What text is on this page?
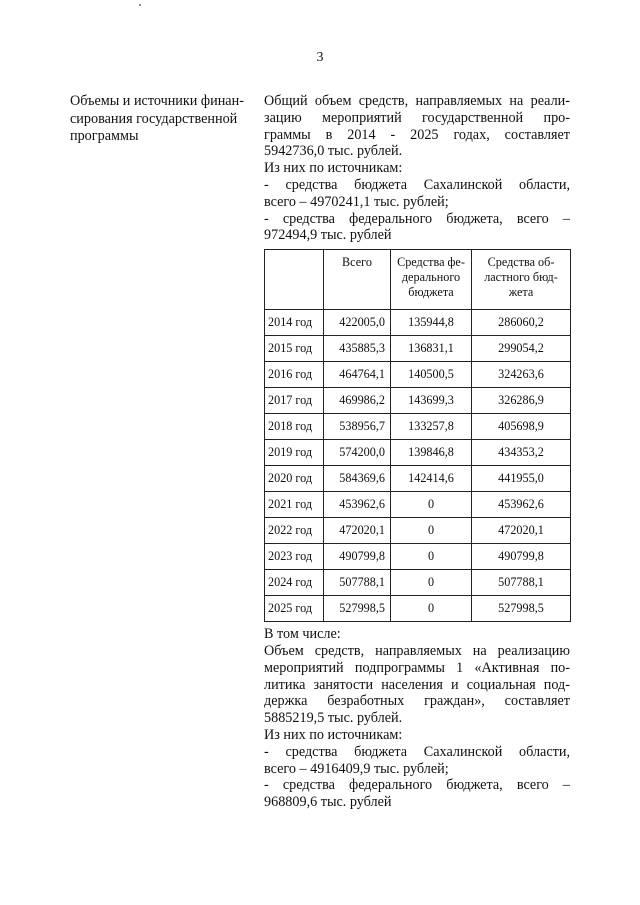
3
Объемы и источники финан-
сирования государственной
программы
Общий объем средств, направляемых на реали-
зацию мероприятий государственной про-
граммы в 2014 - 2025 годах, составляет
5942736,0 тыс. рублей.
Из них по источникам:
- средства бюджета Сахалинской области,
всего – 4970241,1 тыс. рублей;
- средства федерального бюджета, всего –
972494,9 тыс. рублей
	Всего	Средства фе-
дерального
бюджета	Средства об-
ластного бюд-
жета

2014 год	422005,0	135944,8	286060,2
2015 год	435885,3	136831,1	299054,2
2016 год	464764,1	140500,5	324263,6
2017 год	469986,2	143699,3	326286,9
2018 год	538956,7	133257,8	405698,9
2019 год	574200,0	139846,8	434353,2
2020 год	584369,6	142414,6	441955,0
2021 год	453962,6	0	453962,6
2022 год	472020,1	0	472020,1
2023 год	490799,8	0	490799,8
2024 год	507788,1	0	507788,1
2025 год	527998,5	0	527998,5
В том числе:
Объем средств, направляемых на реализацию
мероприятий подпрограммы 1 «Активная по-
литика занятости населения и социальная под-
держка безработных граждан», составляет
5885219,5 тыс. рублей.
Из них по источникам:
- средства бюджета Сахалинской области,
всего – 4916409,9 тыс. рублей;
- средства федерального бюджета, всего –
968809,6 тыс. рублей
